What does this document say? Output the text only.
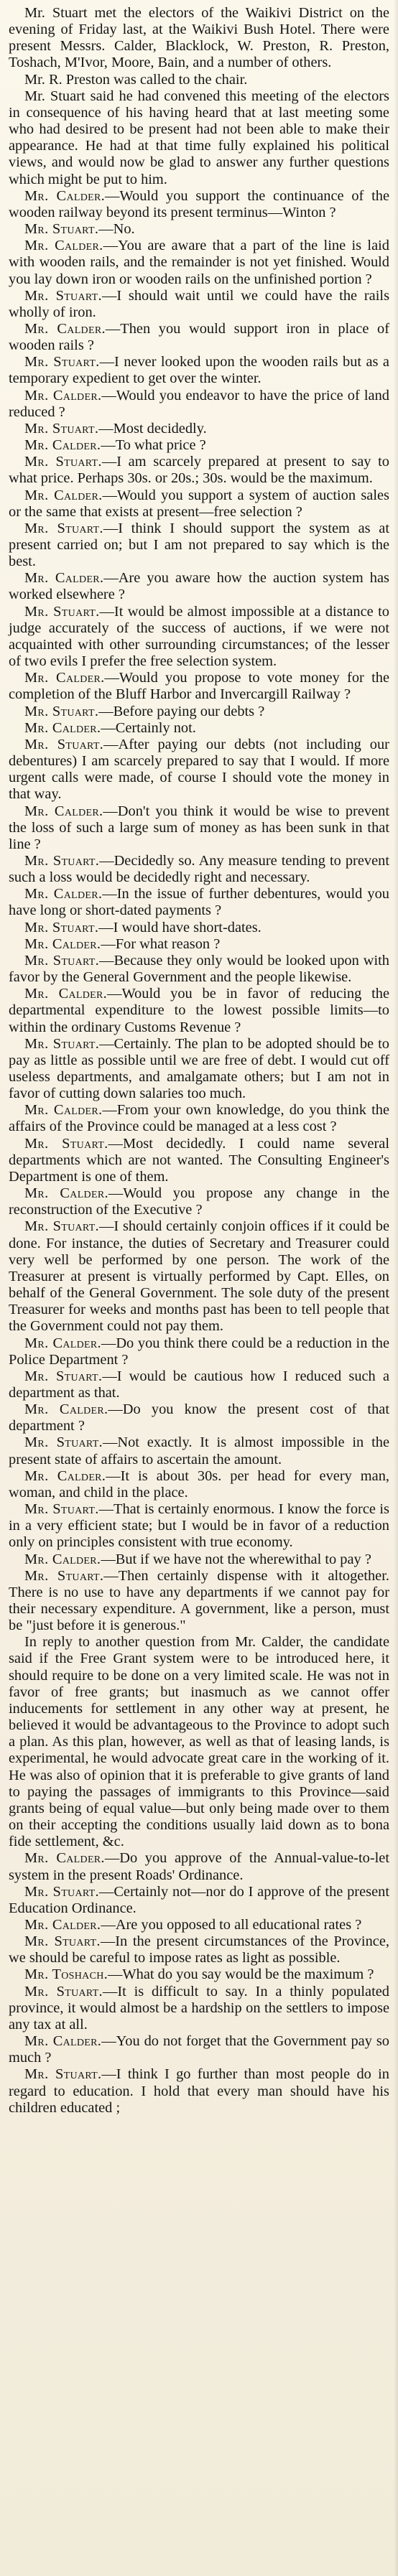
Mr. Stuart met the electors of the Waikivi District on the evening of Friday last, at the Waikivi Bush Hotel. There were present Messrs. Calder, Blacklock, W. Preston, R. Preston, Toshach, M'Ivor, Moore, Bain, and a number of others.

Mr. R. Preston was called to the chair.

Mr. Stuart said he had convened this meeting of the electors in consequence of his having heard that at last meeting some who had desired to be present had not been able to make their appearance. He had at that time fully explained his political views, and would now be glad to answer any further questions which might be put to him.

Mr. Calder.—Would you support the continuance of the wooden railway beyond its present terminus—Winton ?

Mr. Stuart.—No.

Mr. Calder.—You are aware that a part of the line is laid with wooden rails, and the remainder is not yet finished. Would you lay down iron or wooden rails on the unfinished portion ?

Mr. Stuart.—I should wait until we could have the rails wholly of iron.

Mr. Calder.—Then you would support iron in place of wooden rails ?

Mr. Stuart.—I never looked upon the wooden rails but as a temporary expedient to get over the winter.

Mr. Calder.—Would you endeavor to have the price of land reduced ?

Mr. Stuart.—Most decidedly.

Mr. Calder.—To what price ?

Mr. Stuart.—I am scarcely prepared at present to say to what price. Perhaps 30s. or 20s.; 30s. would be the maximum.

Mr. Calder.—Would you support a system of auction sales or the same that exists at present—free selection ?

Mr. Stuart.—I think I should support the system as at present carried on; but I am not prepared to say which is the best.

Mr. Calder.—Are you aware how the auction system has worked elsewhere ?

Mr. Stuart.—It would be almost impossible at a distance to judge accurately of the success of auctions, if we were not acquainted with other surrounding circumstances; of the lesser of two evils I prefer the free selection system.

Mr. Calder.—Would you propose to vote money for the completion of the Bluff Harbor and Invercargill Railway ?

Mr. Stuart.—Before paying our debts ?

Mr. Calder.—Certainly not.

Mr. Stuart.—After paying our debts (not including our debentures) I am scarcely prepared to say that I would. If more urgent calls were made, of course I should vote the money in that way.

Mr. Calder.—Don't you think it would be wise to prevent the loss of such a large sum of money as has been sunk in that line ?

Mr. Stuart.—Decidedly so. Any measure tending to prevent such a loss would be decidedly right and necessary.

Mr. Calder.—In the issue of further debentures, would you have long or short-dated payments ?

Mr. Stuart.—I would have short-dates.

Mr. Calder.—For what reason ?

Mr. Stuart.—Because they only would be looked upon with favor by the General Government and the people likewise.

Mr. Calder.—Would you be in favor of reducing the departmental expenditure to the lowest possible limits—to within the ordinary Customs Revenue ?

Mr. Stuart.—Certainly. The plan to be adopted should be to pay as little as possible until we are free of debt. I would cut off useless departments, and amalgamate others; but I am not in favor of cutting down salaries too much.

Mr. Calder.—From your own knowledge, do you think the affairs of the Province could be managed at a less cost ?

Mr. Stuart.—Most decidedly. I could name several departments which are not wanted. The Consulting Engineer's Department is one of them.

Mr. Calder.—Would you propose any change in the reconstruction of the Executive ?

Mr. Stuart.—I should certainly conjoin offices if it could be done. For instance, the duties of Secretary and Treasurer could very well be performed by one person. The work of the Treasurer at present is virtually performed by Capt. Elles, on behalf of the General Government. The sole duty of the present Treasurer for weeks and months past has been to tell people that the Government could not pay them.

Mr. Calder.—Do you think there could be a reduction in the Police Department ?

Mr. Stuart.—I would be cautious how I reduced such a department as that.

Mr. Calder.—Do you know the present cost of that department ?

Mr. Stuart.—Not exactly. It is almost impossible in the present state of affairs to ascertain the amount.

Mr. Calder.—It is about 30s. per head for every man, woman, and child in the place.

Mr. Stuart.—That is certainly enormous. I know the force is in a very efficient state; but I would be in favor of a reduction only on principles consistent with true economy.

Mr. Calder.—But if we have not the wherewithal to pay ?

Mr. Stuart.—Then certainly dispense with it altogether. There is no use to have any departments if we cannot pay for their necessary expenditure. A government, like a person, must be "just before it is generous."

In reply to another question from Mr. Calder, the candidate said if the Free Grant system were to be introduced here, it should require to be done on a very limited scale. He was not in favor of free grants; but inasmuch as we cannot offer inducements for settlement in any other way at present, he believed it would be advantageous to the Province to adopt such a plan. As this plan, however, as well as that of leasing lands, is experimental, he would advocate great care in the working of it. He was also of opinion that it is preferable to give grants of land to paying the passages of immigrants to this Province—said grants being of equal value—but only being made over to them on their accepting the conditions usually laid down as to bona fide settlement, &c.

Mr. Calder.—Do you approve of the Annual-value-to-let system in the present Roads' Ordinance.

Mr. Stuart.—Certainly not—nor do I approve of the present Education Ordinance.

Mr. Calder.—Are you opposed to all educational rates ?

Mr. Stuart.—In the present circumstances of the Province, we should be careful to impose rates as light as possible.

Mr. Toshach.—What do you say would be the maximum ?

Mr. Stuart.—It is difficult to say. In a thinly populated province, it would almost be a hardship on the settlers to impose any tax at all.

Mr. Calder.—You do not forget that the Government pay so much ?

Mr. Stuart.—I think I go further than most people do in regard to education. I hold that every man should have his children educated ;
